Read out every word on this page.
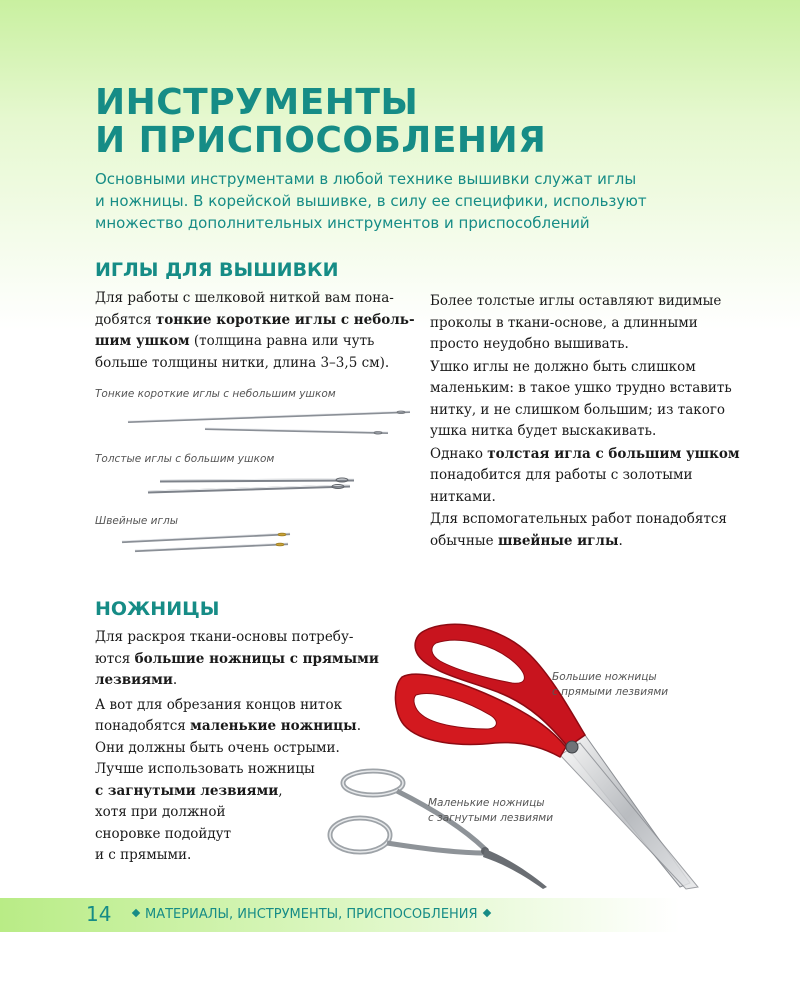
ИНСТРУМЕНТЫ
И ПРИСПОСОБЛЕНИЯ
Основными инструментами в любой технике вышивки служат иглы
и ножницы. В корейской вышивке, в силу ее специфики, используют
множество дополнительных инструментов и приспособлений
ИГЛЫ ДЛЯ ВЫШИВКИ
Для работы с шелковой ниткой вам пона-
добятся тонкие короткие иглы с неболь-
шим ушком (толщина равна или чуть
больше толщины нитки, длина 3–3,5 см).
Тонкие короткие иглы с небольшим ушком
Толстые иглы с большим ушком
Швейные иглы
Более толстые иглы оставляют видимые
проколы в ткани-основе, а длинными
просто неудобно вышивать.
Ушко иглы не должно быть слишком
маленьким: в такое ушко трудно вставить
нитку, и не слишком большим; из такого
ушка нитка будет выскакивать.
Однако толстая игла с большим ушком
понадобится для работы с золотыми
нитками.
Для вспомогательных работ понадобятся
обычные швейные иглы.
НОЖНИЦЫ
Для раскроя ткани-основы потребу-
ются большие ножницы с прямыми
лезвиями.
А вот для обрезания концов ниток
понадобятся маленькие ножницы.
Они должны быть очень острыми.
Лучше использовать ножницы
с загнутыми лезвиями,
хотя при должной
сноровке подойдут
и с прямыми.
Большие ножницы
с прямыми лезвиями
Маленькие ножницы
с загнутыми лезвиями
14	МАТЕРИАЛЫ, ИНСТРУМЕНТЫ, ПРИСПОСОБЛЕНИЯ
